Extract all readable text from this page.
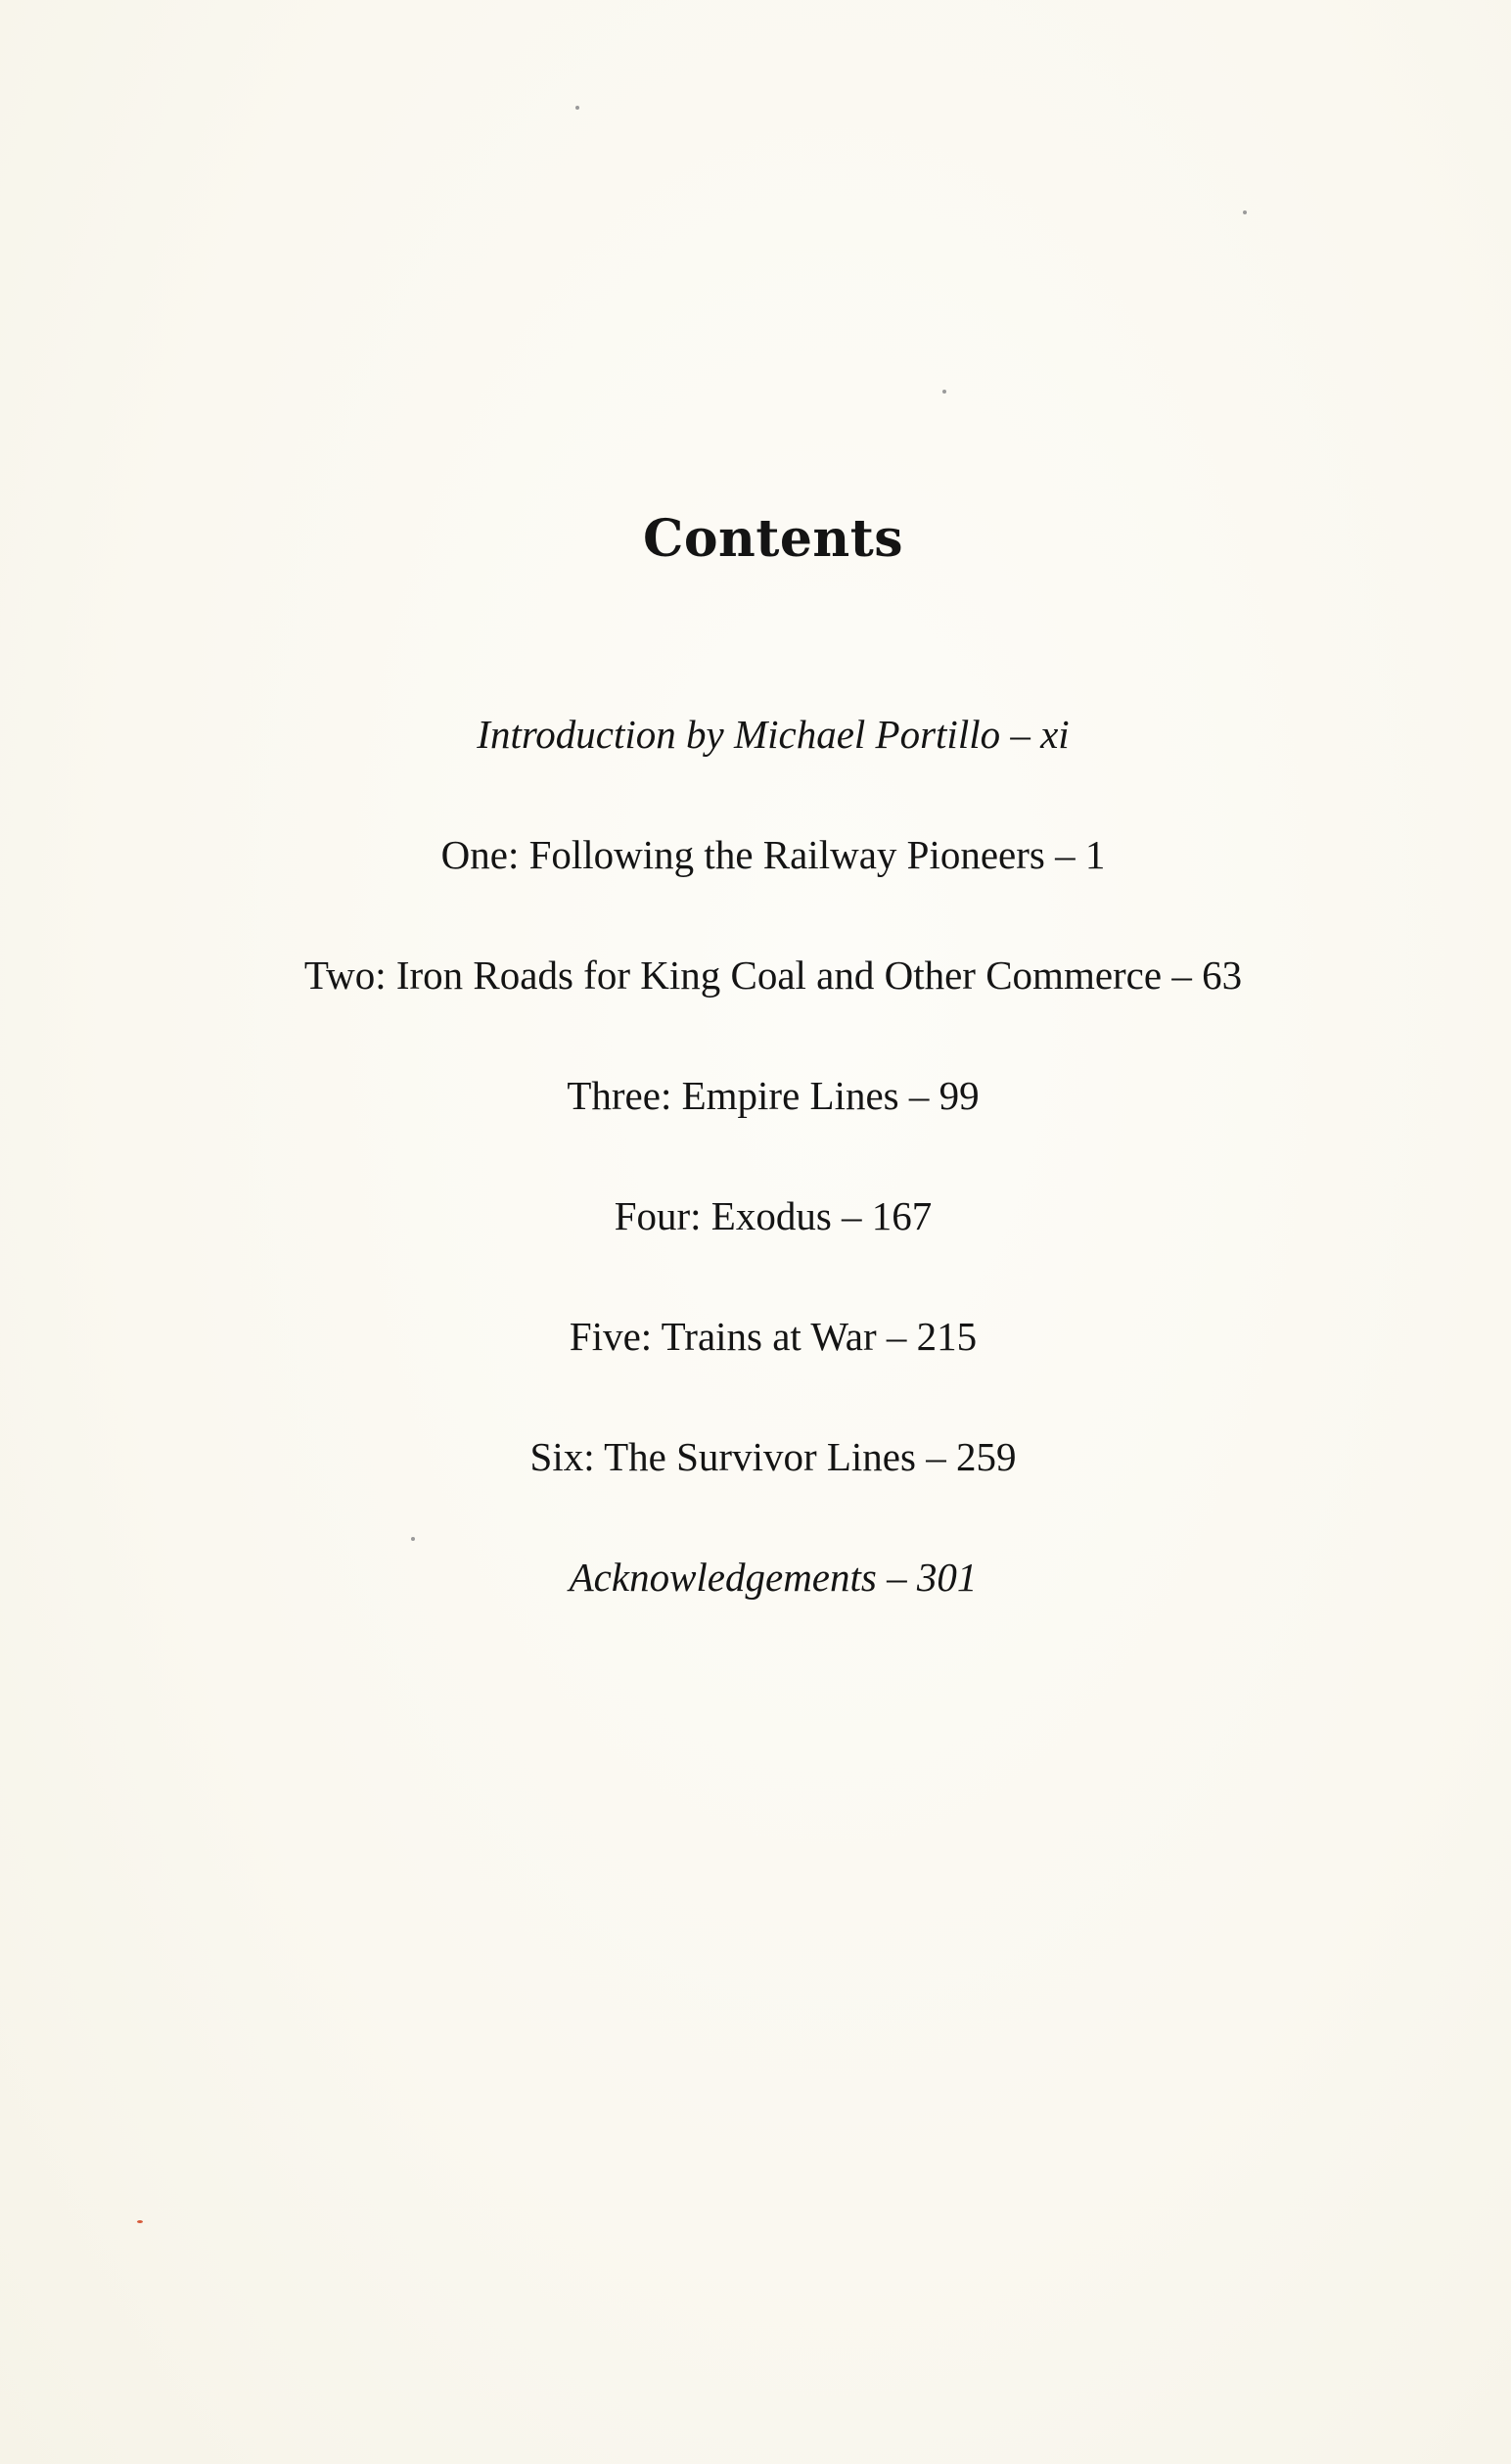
Contents
Introduction by Michael Portillo – xi
One: Following the Railway Pioneers – 1
Two: Iron Roads for King Coal and Other Commerce – 63
Three: Empire Lines – 99
Four: Exodus – 167
Five: Trains at War – 215
Six: The Survivor Lines – 259
Acknowledgements – 301
